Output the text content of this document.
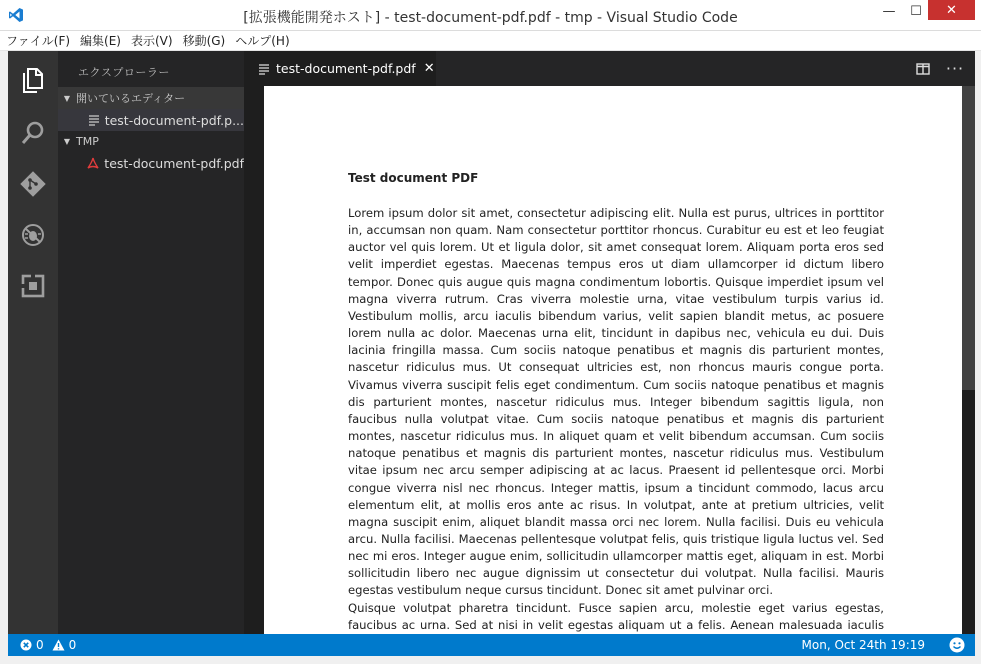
[拡張機能開発ホスト] - test-document-pdf.pdf - tmp - Visual Studio Code	—	☐	✕
ファイル(F) 編集(E) 表示(V) 移動(G) ヘルプ(H)
エクスプローラー
▼ 開いているエディター
test-document-pdf.p...
▼ TMP
test-document-pdf.pdf
test-document-pdf.pdf ✕	···
Test document PDF

Lorem ipsum dolor sit amet, consectetur adipiscing elit. Nulla est purus, ultrices in porttitor in, accumsan non quam. Nam consectetur porttitor rhoncus. Curabitur eu est et leo feugiat auctor vel quis lorem. Ut et ligula dolor, sit amet consequat lorem. Aliquam porta eros sed velit imperdiet egestas. Maecenas tempus eros ut diam ullamcorper id dictum libero tempor. Donec quis augue quis magna condimentum lobortis. Quisque imperdiet ipsum vel magna viverra rutrum. Cras viverra molestie urna, vitae vestibulum turpis varius id. Vestibulum mollis, arcu iaculis bibendum varius, velit sapien blandit metus, ac posuere lorem nulla ac dolor. Maecenas urna elit, tincidunt in dapibus nec, vehicula eu dui. Duis lacinia fringilla massa. Cum sociis natoque penatibus et magnis dis parturient montes, nascetur ridiculus mus. Ut consequat ultricies est, non rhoncus mauris congue porta. Vivamus viverra suscipit felis eget condimentum. Cum sociis natoque penatibus et magnis dis parturient montes, nascetur ridiculus mus. Integer bibendum sagittis ligula, non faucibus nulla volutpat vitae. Cum sociis natoque penatibus et magnis dis parturient montes, nascetur ridiculus mus. In aliquet quam et velit bibendum accumsan. Cum sociis natoque penatibus et magnis dis parturient montes, nascetur ridiculus mus. Vestibulum vitae ipsum nec arcu semper adipiscing at ac lacus. Praesent id pellentesque orci. Morbi congue viverra nisl nec rhoncus. Integer mattis, ipsum a tincidunt commodo, lacus arcu elementum elit, at mollis eros ante ac risus. In volutpat, ante at pretium ultricies, velit magna suscipit enim, aliquet blandit massa orci nec lorem. Nulla facilisi. Duis eu vehicula arcu. Nulla facilisi. Maecenas pellentesque volutpat felis, quis tristique ligula luctus vel. Sed nec mi eros. Integer augue enim, sollicitudin ullamcorper mattis eget, aliquam in est. Morbi sollicitudin libero nec augue dignissim ut consectetur dui volutpat. Nulla facilisi. Mauris egestas vestibulum neque cursus tincidunt. Donec sit amet pulvinar orci.

Quisque volutpat pharetra tincidunt. Fusce sapien arcu, molestie eget varius egestas, faucibus ac urna. Sed at nisi in velit egestas aliquam ut a felis. Aenean malesuada iaculis

0 0	Mon, Oct 24th 19:19
